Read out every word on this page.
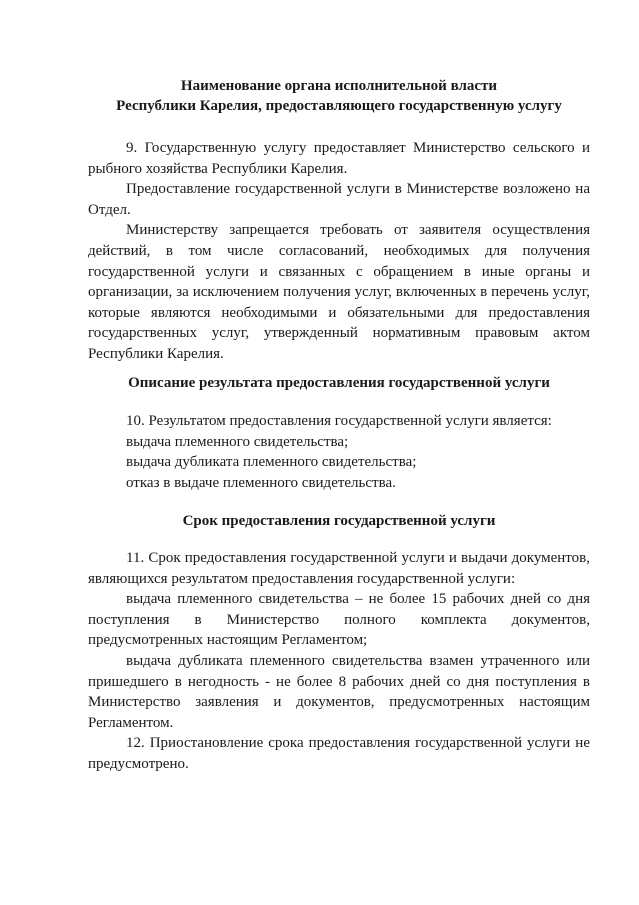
Наименование органа исполнительной власти

Республики Карелия, предоставляющего государственную услугу

9. Государственную услугу предоставляет Министерство сельского и рыбного хозяйства Республики Карелия.

Предоставление государственной услуги в Министерстве возложено на Отдел.

Министерству запрещается требовать от заявителя осуществления действий, в том числе согласований, необходимых для получения государственной услуги и связанных с обращением в иные органы и организации, за исключением получения услуг, включенных в перечень услуг, которые являются необходимыми и обязательными для предоставления государственных услуг, утвержденный нормативным правовым актом Республики Карелия.

Описание результата предоставления государственной услуги

10. Результатом предоставления государственной услуги является:

выдача племенного свидетельства;

выдача дубликата племенного свидетельства;

отказ в выдаче племенного свидетельства.

Срок предоставления государственной услуги

11. Срок предоставления государственной услуги и выдачи документов, являющихся результатом предоставления государственной услуги:

выдача племенного свидетельства – не более 15 рабочих дней со дня поступления в Министерство полного комплекта документов, предусмотренных настоящим Регламентом;

выдача дубликата племенного свидетельства взамен утраченного или пришедшего в негодность - не более 8 рабочих дней со дня поступления в Министерство заявления и документов, предусмотренных настоящим Регламентом.

12. Приостановление срока предоставления государственной услуги не предусмотрено.
